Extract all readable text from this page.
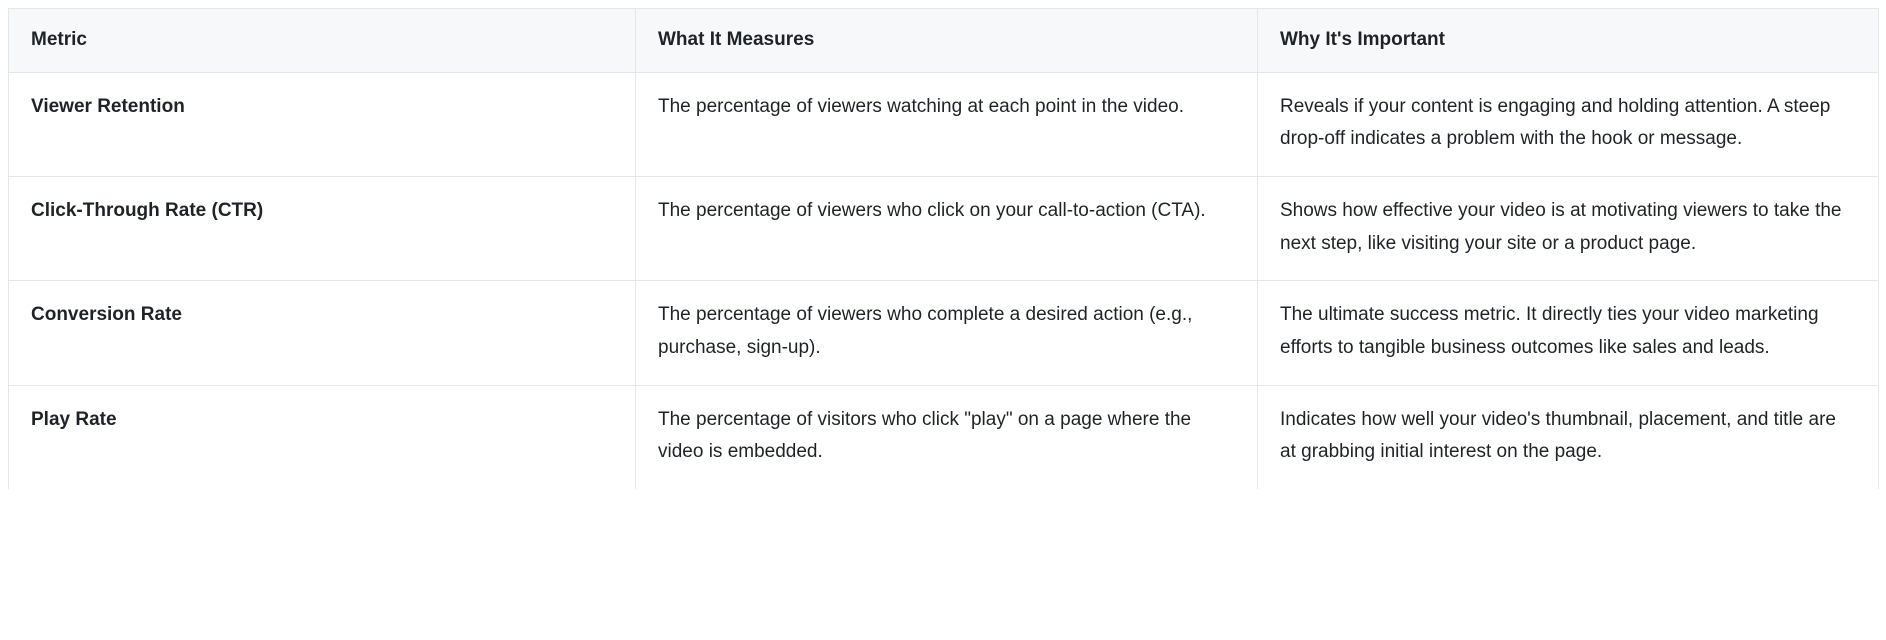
Metric	What It Measures	Why It's Important
Viewer Retention	The percentage of viewers watching at each point in the video.	Reveals if your content is engaging and holding attention. A steep drop-off indicates a problem with the hook or message.
Click-Through Rate (CTR)	The percentage of viewers who click on your call-to-action (CTA).	Shows how effective your video is at motivating viewers to take the next step, like visiting your site or a product page.
Conversion Rate	The percentage of viewers who complete a desired action (e.g., purchase, sign-up).	The ultimate success metric. It directly ties your video marketing efforts to tangible business outcomes like sales and leads.
Play Rate	The percentage of visitors who click "play" on a page where the video is embedded.	Indicates how well your video's thumbnail, placement, and title are at grabbing initial interest on the page.
